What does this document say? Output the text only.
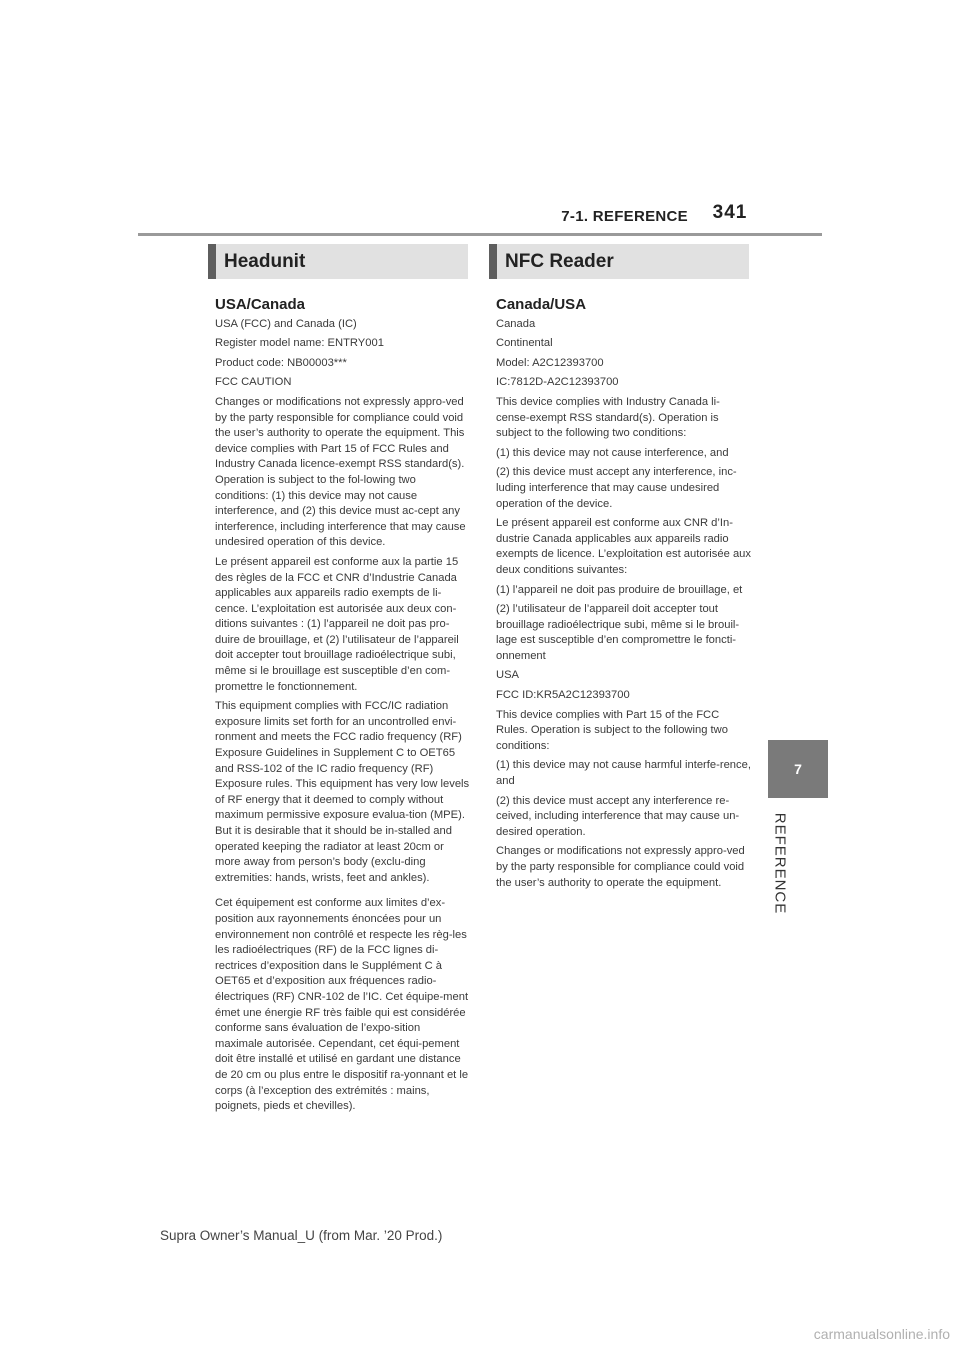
7-1. REFERENCE	341
7
REFERENCE
Headunit
USA/Canada

USA (FCC) and Canada (IC)

Register model name: ENTRY001

Product code: NB00003***

FCC CAUTION

Changes or modifications not expressly appro-ved by the party responsible for compliance could void the user’s authority to operate the equipment. This device complies with Part 15 of FCC Rules and Industry Canada licence-exempt RSS standard(s). Operation is subject to the fol-lowing two conditions: (1) this device may not cause interference, and (2) this device must ac-cept any interference, including interference that may cause undesired operation of this device.

Le présent appareil est conforme aux la partie 15 des règles de la FCC et CNR d’Industrie Canada applicables aux appareils radio exempts de li-cence. L’exploitation est autorisée aux deux con-ditions suivantes : (1) l’appareil ne doit pas pro-duire de brouillage, et (2) l’utilisateur de l’appareil doit accepter tout brouillage radioélectrique subi, même si le brouillage est susceptible d’en com-promettre le fonctionnement.

This equipment complies with FCC/IC radiation exposure limits set forth for an uncontrolled envi-ronment and meets the FCC radio frequency (RF) Exposure Guidelines in Supplement C to OET65 and RSS-102 of the IC radio frequency (RF) Exposure rules. This equipment has very low levels of RF energy that it deemed to comply without maximum permissive exposure evalua-tion (MPE). But it is desirable that it should be in-stalled and operated keeping the radiator at least 20cm or more away from person’s body (exclu-ding extremities: hands, wrists, feet and ankles).

Cet équipement est conforme aux limites d’ex-position aux rayonnements énoncées pour un environnement non contrôlé et respecte les règ-les les radioélectriques (RF) de la FCC lignes di-rectrices d’exposition dans le Supplément C à OET65 et d’exposition aux fréquences radio-électriques (RF) CNR-102 de l’IC. Cet équipe-ment émet une énergie RF très faible qui est considérée conforme sans évaluation de l’expo-sition maximale autorisée. Cependant, cet équi-pement doit être installé et utilisé en gardant une distance de 20 cm ou plus entre le dispositif ra-yonnant et le corps (à l’exception des extrémités : mains, poignets, pieds et chevilles).

NFC Reader
Canada/USA

Canada

Continental

Model: A2C12393700

IC:7812D-A2C12393700

This device complies with Industry Canada li-cense-exempt RSS standard(s). Operation is subject to the following two conditions:

(1) this device may not cause interference, and

(2) this device must accept any interference, inc-luding interference that may cause undesired operation of the device.

Le présent appareil est conforme aux CNR d’In-dustrie Canada applicables aux appareils radio exempts de licence. L’exploitation est autorisée aux deux conditions suivantes:

(1) l’appareil ne doit pas produire de brouillage, et

(2) l’utilisateur de l’appareil doit accepter tout brouillage radioélectrique subi, même si le brouil-lage est susceptible d’en compromettre le foncti-onnement

USA

FCC ID:KR5A2C12393700

This device complies with Part 15 of the FCC Rules. Operation is subject to the following two conditions:

(1) this device may not cause harmful interfe-rence, and

(2) this device must accept any interference re-ceived, including interference that may cause un-desired operation.

Changes or modifications not expressly appro-ved by the party responsible for compliance could void the user’s authority to operate the equipment.

Supra Owner’s Manual_U (from Mar. ’20 Prod.)
carmanualsonline.info
